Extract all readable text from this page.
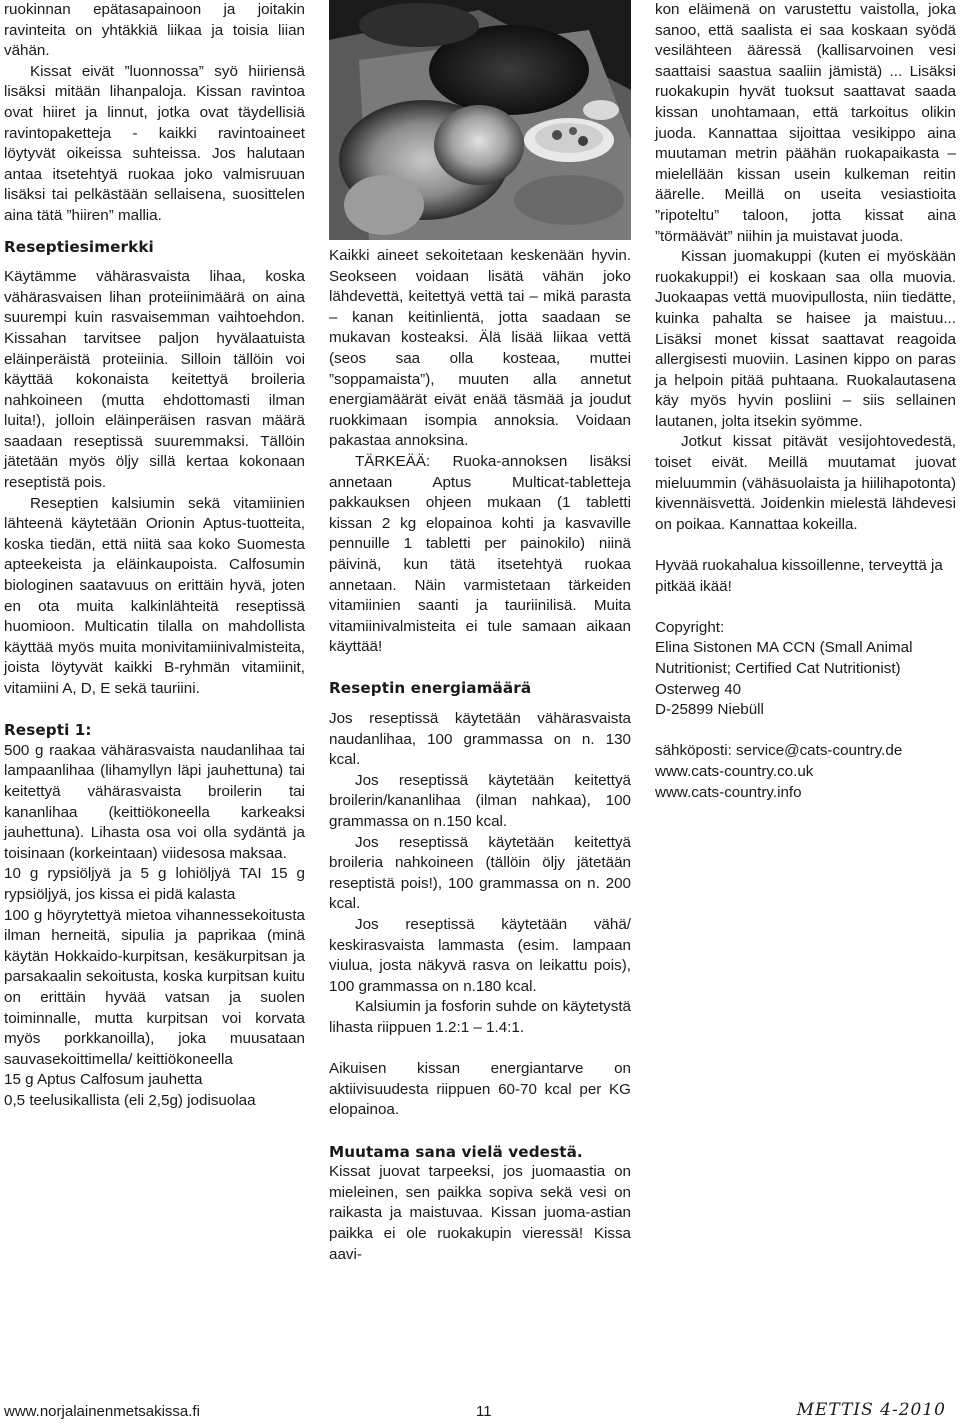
ruokinnan epätasapainoon ja joitakin ravinteita on yhtäkkiä liikaa ja toisia liian vähän.

Kissat eivät ”luonnossa” syö hiiriensä lisäksi mitään lihanpaloja. Kissan ravintoa ovat hiiret ja linnut, jotka ovat täydellisiä ravintopaketteja - kaikki ravintoaineet löytyvät oikeissa suhteissa. Jos halutaan antaa itsetehtyä ruokaa joko valmisruuan lisäksi tai pelkästään sellaisena, suosittelen aina tätä ”hiiren” mallia.

Reseptiesimerkki

Käytämme vähärasvaista lihaa, koska vähärasvaisen lihan proteiinimäärä on aina suurempi kuin rasvaisemman vaihtoehdon. Kissahan tarvitsee paljon hyvälaatuista eläinperäistä proteiinia. Silloin tällöin voi käyttää kokonaista keitettyä broileria nahkoineen (mutta ehdottomasti ilman luita!), jolloin eläinperäisen rasvan määrä saadaan reseptissä suuremmaksi. Tällöin jätetään myös öljy sillä kertaa kokonaan reseptistä pois.

Reseptien kalsiumin sekä vitamiinien lähteenä käytetään Orionin Aptus-tuotteita, koska tiedän, että niitä saa koko Suomesta apteekeista ja eläinkaupoista. Calfosumin biologinen saatavuus on erittäin hyvä, joten en ota muita kalkinlähteitä reseptissä huomioon. Multicatin tilalla on mahdollista käyttää myös muita monivitamiinivalmisteita, joista löytyvät kaikki B-ryhmän vitamiinit, vitamiini A, D, E sekä tauriini.

Resepti 1:

500 g raakaa vähärasvaista naudanlihaa tai lampaanlihaa (lihamyllyn läpi jauhettuna) tai keitettyä vähärasvaista broilerin tai kananlihaa (keittiökoneella karkeaksi jauhettuna). Lihasta osa voi olla sydäntä ja toisinaan (korkeintaan) viidesosa maksaa.

10 g rypsiöljyä ja 5 g lohiöljyä TAI 15 g rypsiöljyä, jos kissa ei pidä kalasta

100 g höyrytettyä mietoa vihannessekoitusta ilman herneitä, sipulia ja paprikaa (minä käytän Hokkaido-kurpitsan, kesäkurpitsan ja parsakaalin sekoitusta, koska kurpitsan kuitu on erittäin hyvää vatsan ja suolen toiminnalle, mutta kurpitsan voi korvata myös porkkanoilla), joka muusataan sauvasekoittimella/ keittiökoneella

15 g Aptus Calfosum jauhetta

0,5 teelusikallista (eli 2,5g) jodisuolaa

Kaikki aineet sekoitetaan keskenään hyvin. Seokseen voidaan lisätä vähän joko lähdevettä, keitettyä vettä tai – mikä parasta – kanan keitinlientä, jotta saadaan se mukavan kosteaksi. Älä lisää liikaa vettä (seos saa olla kosteaa, muttei ”soppamaista”), muuten alla annetut energiamäärät eivät enää täsmää ja joudut ruokkimaan isompia annoksia. Voidaan pakastaa annoksina.

TÄRKEÄÄ: Ruoka-annoksen lisäksi annetaan Aptus Multicat-tabletteja pakkauksen ohjeen mukaan (1 tabletti kissan 2 kg elopainoa kohti ja kasvaville pennuille 1 tabletti per painokilo) niinä päivinä, kun tätä itsetehtyä ruokaa annetaan. Näin varmistetaan tärkeiden vitamiinien saanti ja tauriinilisä. Muita vitamiinivalmisteita ei tule samaan aikaan käyttää!

Reseptin energiamäärä

Jos reseptissä käytetään vähärasvaista naudanlihaa, 100 grammassa on n. 130 kcal.

Jos reseptissä käytetään keitettyä broilerin/kananlihaa (ilman nahkaa), 100 grammassa on n.150 kcal.

Jos reseptissä käytetään keitettyä broileria nahkoineen (tällöin öljy jätetään reseptistä pois!), 100 grammassa on n. 200 kcal.

Jos reseptissä käytetään vähä/ keskirasvaista lammasta (esim. lampaan viulua, josta näkyvä rasva on leikattu pois), 100 grammassa on n.180 kcal.

Kalsiumin ja fosforin suhde on käytetystä lihasta riippuen 1.2:1 – 1.4:1.

Aikuisen kissan energiantarve on aktiivisuudesta riippuen 60-70 kcal per KG elopainoa.

Muutama sana vielä vedestä.

Kissat juovat tarpeeksi, jos juomaastia on mieleinen, sen paikka sopiva sekä vesi on raikasta ja maistuvaa. Kissan juoma-astian paikka ei ole ruokakupin vieressä! Kissa aavi-

kon eläimenä on varustettu vaistolla, joka sanoo, että saalista ei saa koskaan syödä vesilähteen ääressä (kallisarvoinen vesi saattaisi saastua saaliin jämistä) ... Lisäksi ruokakupin hyvät tuoksut saattavat saada kissan unohtamaan, että tarkoitus olikin juoda. Kannattaa sijoittaa vesikippo aina muutaman metrin päähän ruokapaikasta – mielellään kissan usein kulkeman reitin äärelle. Meillä on useita vesiastioita ”ripoteltu” taloon, jotta kissat aina ”törmäävät” niihin ja muistavat juoda.

Kissan juomakuppi (kuten ei myöskään ruokakuppi!) ei koskaan saa olla muovia. Juokaapas vettä muovipullosta, niin tiedätte, kuinka pahalta se haisee ja maistuu... Lisäksi monet kissat saattavat reagoida allergisesti muoviin. Lasinen kippo on paras ja helpoin pitää puhtaana. Ruokalautasena käy myös hyvin posliini – siis sellainen lautanen, jolta itsekin syömme.

Jotkut kissat pitävät vesijohtovedestä, toiset eivät. Meillä muutamat juovat mieluummin (vähäsuolaista ja hiilihapotonta) kivennäisvettä. Joidenkin mielestä lähdevesi on poikaa. Kannattaa kokeilla.

Hyvää ruokahalua kissoillenne, terveyttä ja pitkää ikää!

Copyright:

Elina Sistonen MA CCN (Small Animal Nutritionist; Certified Cat Nutritionist)

Osterweg 40

D-25899 Niebüll

sähköposti: service@cats-country.de

www.cats-country.co.uk

www.cats-country.info

www.norjalainenmetsakissa.fi	11	METTIS 4-2010
